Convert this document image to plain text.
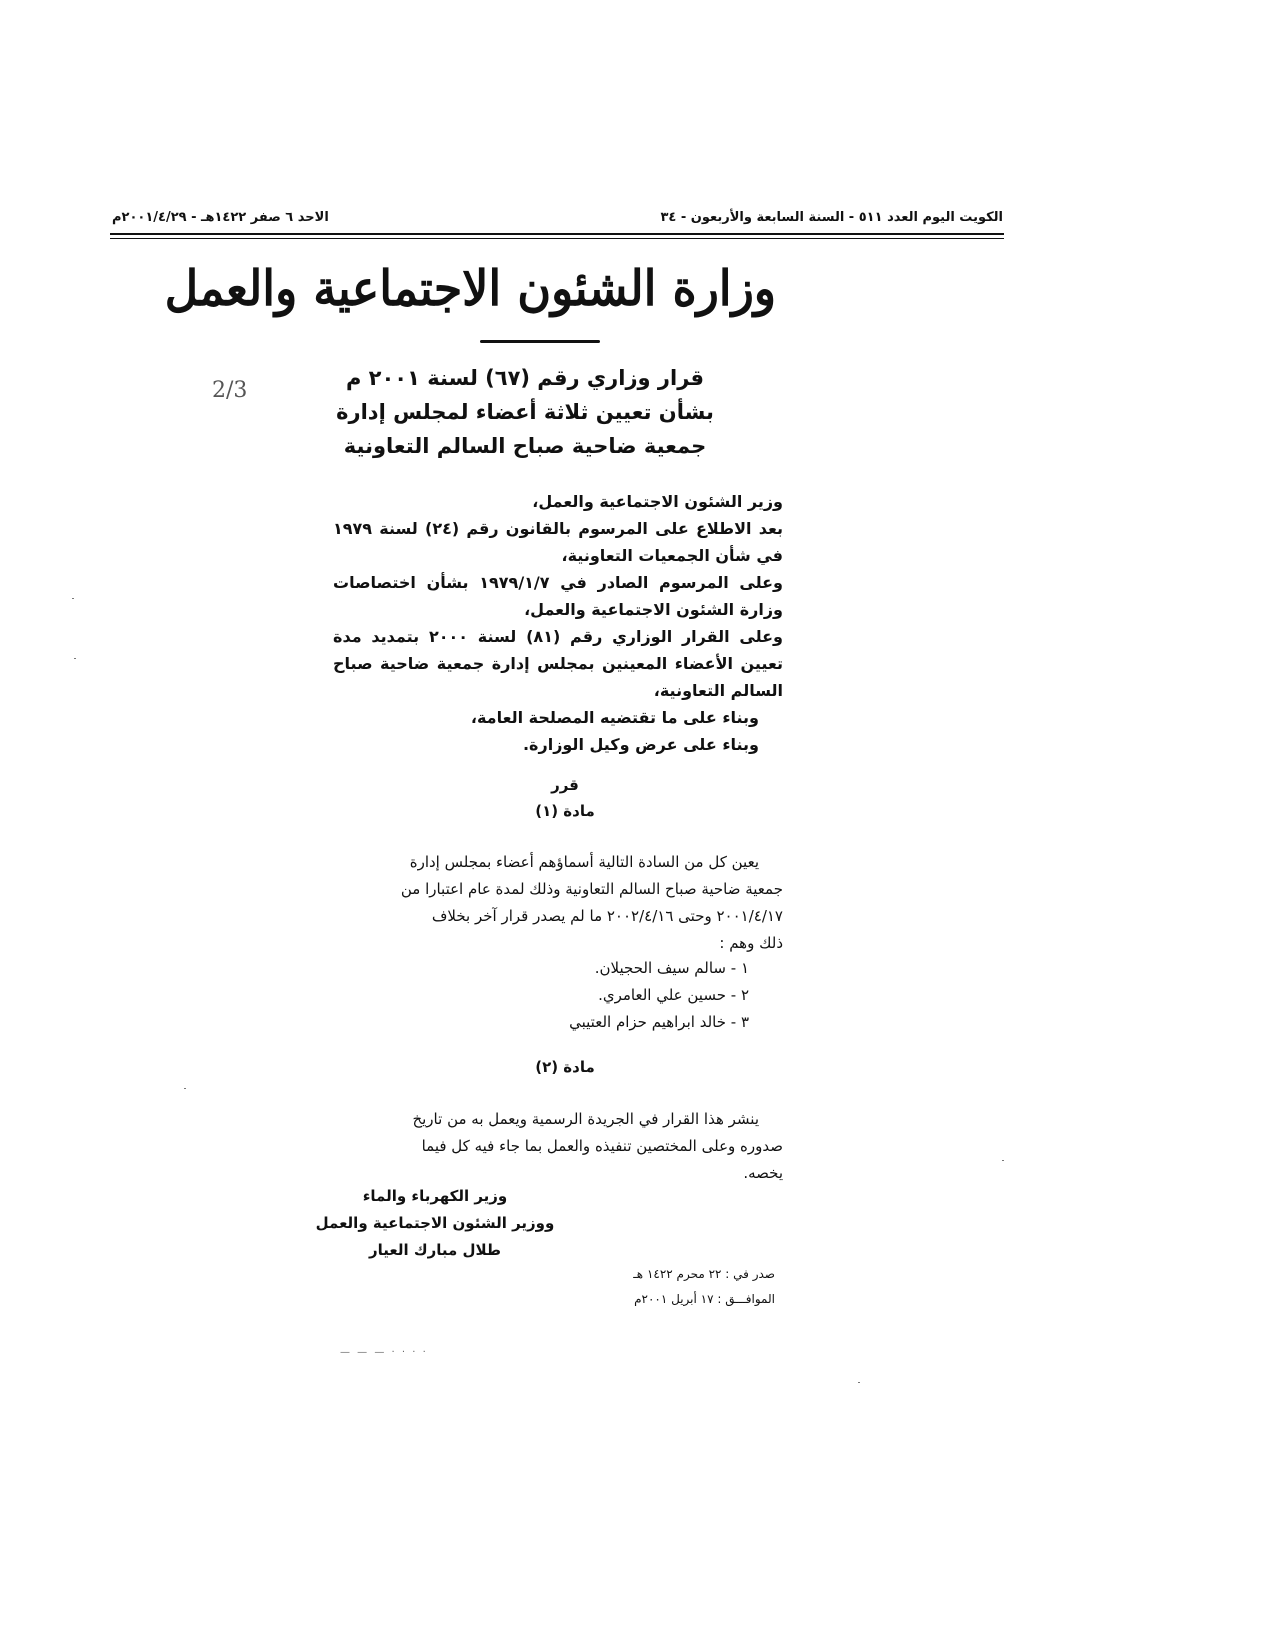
الكويت اليوم العدد ٥١١ - السنة السابعة والأربعون - ٣٤
الاحد ٦ صفر ١٤٢٢هـ - ٢٠٠١/٤/٢٩م
وزارة الشئون الاجتماعية والعمل
2/3	قرار وزاري رقم (٦٧) لسنة ٢٠٠١ م
بشأن تعيين ثلاثة أعضاء لمجلس إدارة
جمعية ضاحية صباح السالم التعاونية
وزير الشئون الاجتماعية والعمل،
بعد الاطلاع على المرسوم بالقانون رقم (٢٤) لسنة ١٩٧٩
في شأن الجمعيات التعاونية،
وعلى المرسوم الصادر في ١٩٧٩/١/٧ بشأن اختصاصات
وزارة الشئون الاجتماعية والعمل،
وعلى القرار الوزاري رقم (٨١) لسنة ٢٠٠٠ بتمديد مدة
تعيين الأعضاء المعينين بمجلس إدارة جمعية ضاحية صباح
السالم التعاونية،
وبناء على ما تقتضيه المصلحة العامة،
وبناء على عرض وكيل الوزارة.
قرر
مادة (١)
يعين كل من السادة التالية أسماؤهم أعضاء بمجلس إدارة
جمعية ضاحية صباح السالم التعاونية وذلك لمدة عام اعتبارا من
٢٠٠١/٤/١٧ وحتى ٢٠٠٢/٤/١٦ ما لم يصدر قرار آخر بخلاف
ذلك وهم :
١ - سالم سيف الحجيلان.
٢ - حسين علي العامري.
٣ - خالد ابراهيم حزام العتيبي
مادة (٢)
ينشر هذا القرار في الجريدة الرسمية ويعمل به من تاريخ
صدوره وعلى المختصين تنفيذه والعمل بما جاء فيه كل فيما
يخصه.
وزير الكهرباء والماء
ووزير الشئون الاجتماعية والعمل
طلال مبارك العيار
صدر في : ٢٢ محرم ١٤٢٢ هـ
الموافـــق : ١٧ أبريل ٢٠٠١م
— — — · · · ·
